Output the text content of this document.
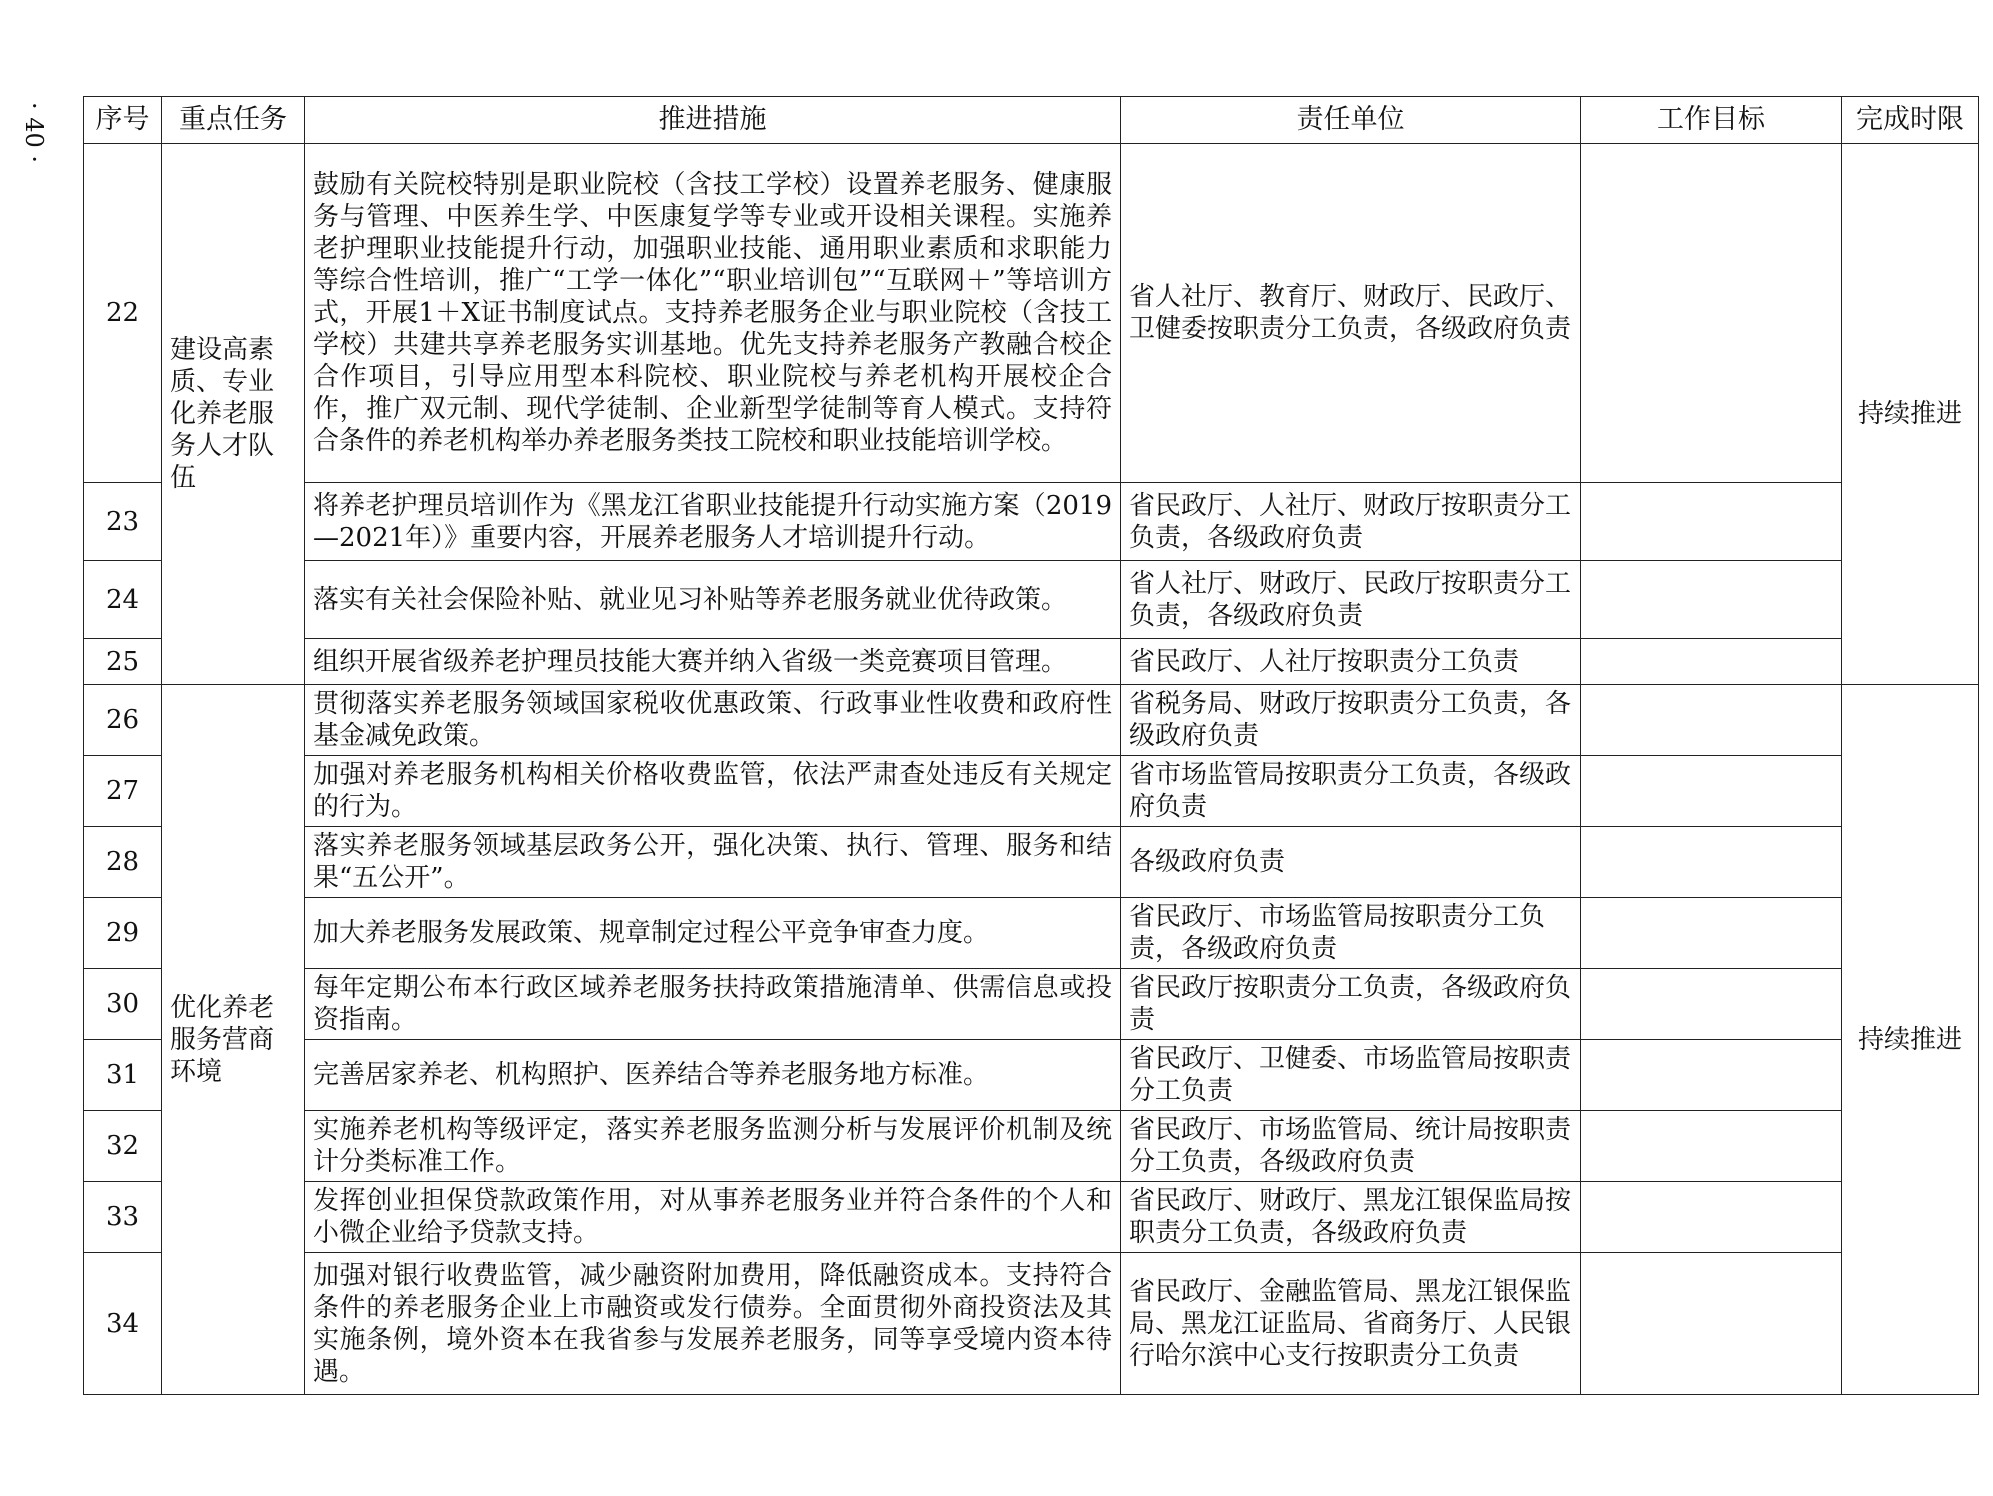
· 40 · 序号	重点任务	推进措施	责任单位	工作目标	完成时限
22	建设高素质、专业化养老服务人才队伍	鼓励有关院校特别是职业院校（含技工学校）设置养老服务、健康服务与管理、中医养生学、中医康复学等专业或开设相关课程。实施养老护理职业技能提升行动，加强职业技能、通用职业素质和求职能力等综合性培训，推广“工学一体化”“职业培训包”“互联网＋”等培训方式，开展1＋X证书制度试点。支持养老服务企业与职业院校（含技工学校）共建共享养老服务实训基地。优先支持养老服务产教融合校企合作项目，引导应用型本科院校、职业院校与养老机构开展校企合作，推广双元制、现代学徒制、企业新型学徒制等育人模式。支持符合条件的养老机构举办养老服务类技工院校和职业技能培训学校。	省人社厅、教育厅、财政厅、民政厅、卫健委按职责分工负责，各级政府负责		持续推进
23		将养老护理员培训作为《黑龙江省职业技能提升行动实施方案（2019—2021年）》重要内容，开展养老服务人才培训提升行动。	省民政厅、人社厅、财政厅按职责分工负责，各级政府负责		
24		落实有关社会保险补贴、就业见习补贴等养老服务就业优待政策。	省人社厅、财政厅、民政厅按职责分工负责，各级政府负责		
25		组织开展省级养老护理员技能大赛并纳入省级一类竞赛项目管理。	省民政厅、人社厅按职责分工负责		
26	优化养老服务营商环境	贯彻落实养老服务领域国家税收优惠政策、行政事业性收费和政府性基金减免政策。	省税务局、财政厅按职责分工负责，各级政府负责		持续推进
27		加强对养老服务机构相关价格收费监管，依法严肃查处违反有关规定的行为。	省市场监管局按职责分工负责，各级政府负责		
28		落实养老服务领域基层政务公开，强化决策、执行、管理、服务和结果“五公开”。	各级政府负责		
29		加大养老服务发展政策、规章制定过程公平竞争审查力度。	省民政厅、市场监管局按职责分工负责，各级政府负责		
30		每年定期公布本行政区域养老服务扶持政策措施清单、供需信息或投资指南。	省民政厅按职责分工负责，各级政府负责		
31		完善居家养老、机构照护、医养结合等养老服务地方标准。	省民政厅、卫健委、市场监管局按职责分工负责		
32		实施养老机构等级评定，落实养老服务监测分析与发展评价机制及统计分类标准工作。	省民政厅、市场监管局、统计局按职责分工负责，各级政府负责		
33		发挥创业担保贷款政策作用，对从事养老服务业并符合条件的个人和小微企业给予贷款支持。	省民政厅、财政厅、黑龙江银保监局按职责分工负责，各级政府负责		
34		加强对银行收费监管，减少融资附加费用，降低融资成本。支持符合条件的养老服务企业上市融资或发行债券。全面贯彻外商投资法及其实施条例，境外资本在我省参与发展养老服务，同等享受境内资本待遇。	省民政厅、金融监管局、黑龙江银保监局、黑龙江证监局、省商务厅、人民银行哈尔滨中心支行按职责分工负责		
